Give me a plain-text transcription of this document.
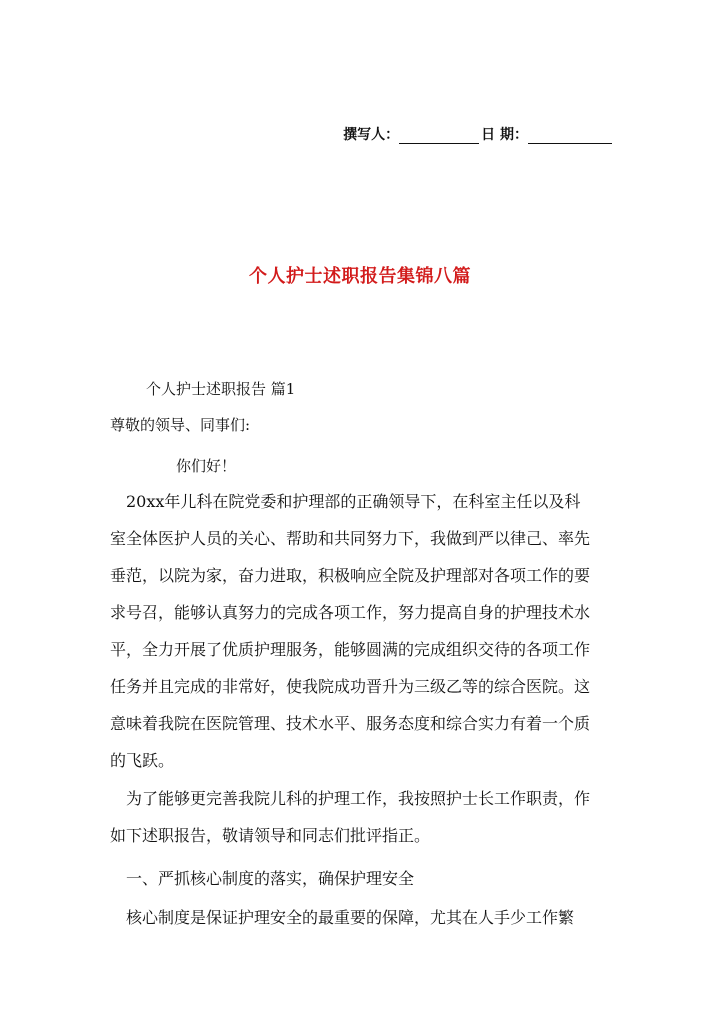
撰写人：	日 期：
个人护士述职报告集锦八篇
个人护士述职报告 篇1
尊敬的领导、同事们:
你们好！
　20xx年儿科在院党委和护理部的正确领导下，在科室主任以及科
室全体医护人员的关心、帮助和共同努力下，我做到严以律己、率先
垂范，以院为家，奋力进取，积极响应全院及护理部对各项工作的要
求号召，能够认真努力的完成各项工作，努力提高自身的护理技术水
平，全力开展了优质护理服务，能够圆满的完成组织交待的各项工作
任务并且完成的非常好，使我院成功晋升为三级乙等的综合医院。这
意味着我院在医院管理、技术水平、服务态度和综合实力有着一个质
的飞跃。
　为了能够更完善我院儿科的护理工作，我按照护士长工作职责，作
如下述职报告，敬请领导和同志们批评指正。
　一、严抓核心制度的落实，确保护理安全
　核心制度是保证护理安全的最重要的保障，尤其在人手少工作繁
